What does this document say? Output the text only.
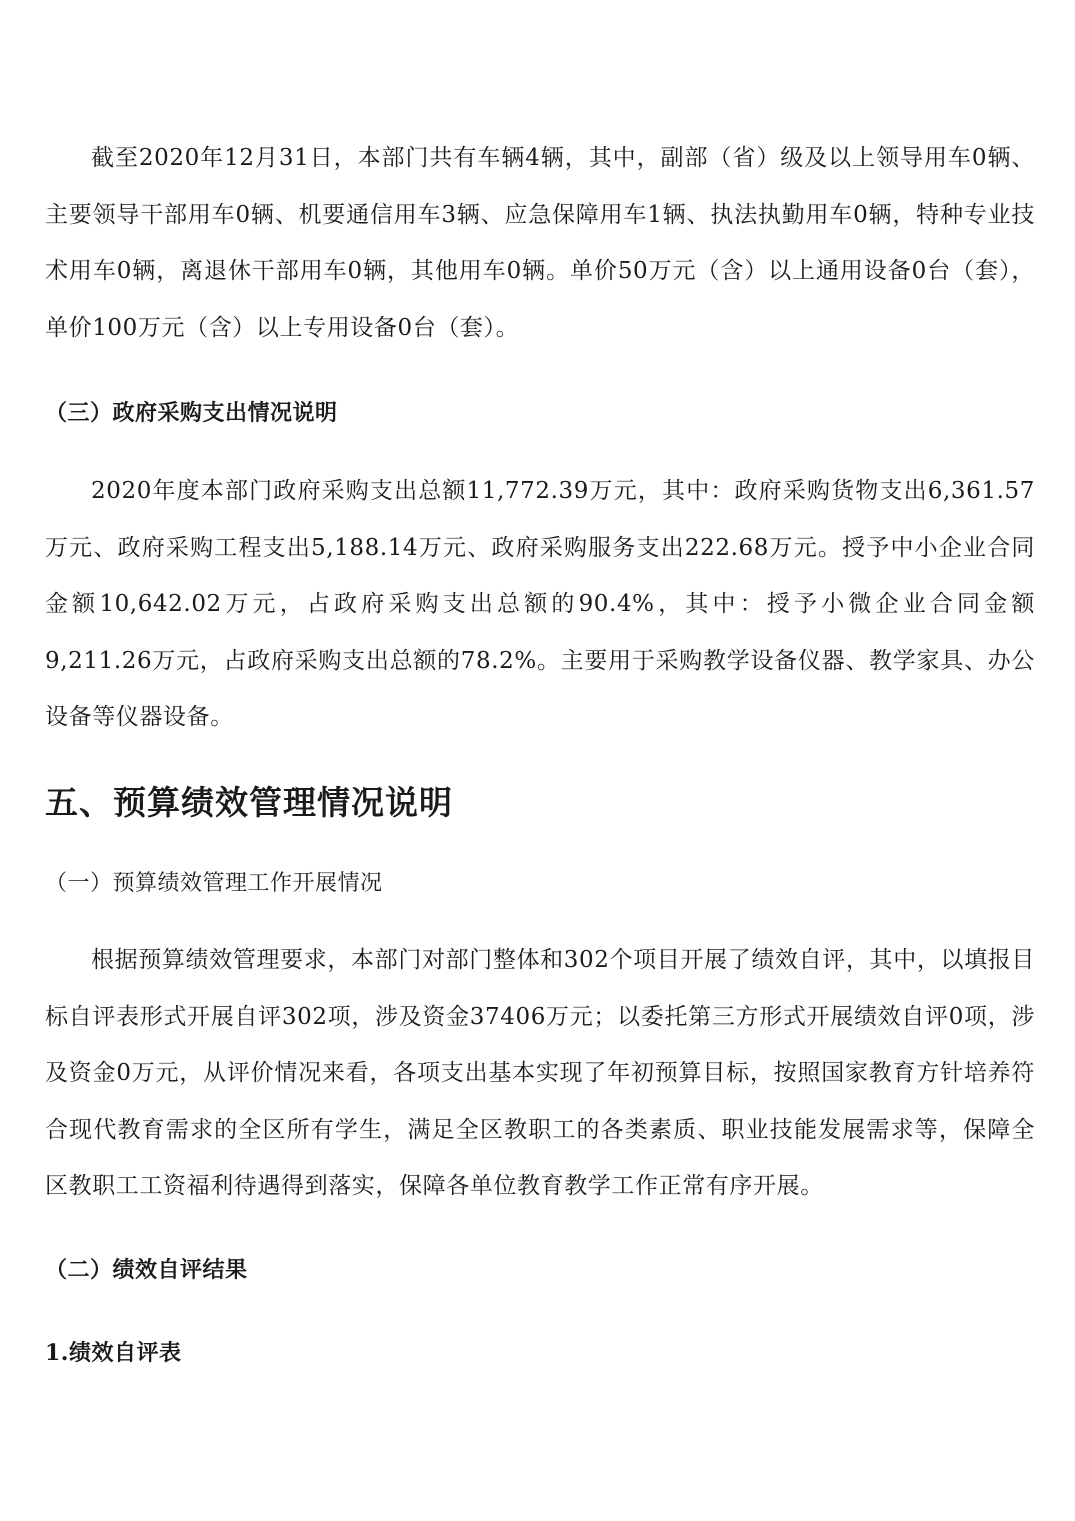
截至2020年12月31日，本部门共有车辆4辆，其中，副部（省）级及以上领导用车0辆、主要领导干部用车0辆、机要通信用车3辆、应急保障用车1辆、执法执勤用车0辆，特种专业技术用车0辆，离退休干部用车0辆，其他用车0辆。单价50万元（含）以上通用设备0台（套），单价100万元（含）以上专用设备0台（套）。

（三）政府采购支出情况说明

2020年度本部门政府采购支出总额11,772.39万元，其中：政府采购货物支出6,361.57万元、政府采购工程支出5,188.14万元、政府采购服务支出222.68万元。授予中小企业合同金额10,642.02万元，占政府采购支出总额的90.4%，其中：授予小微企业合同金额9,211.26万元，占政府采购支出总额的78.2%。主要用于采购教学设备仪器、教学家具、办公设备等仪器设备。

五、预算绩效管理情况说明
（一）预算绩效管理工作开展情况

根据预算绩效管理要求，本部门对部门整体和302个项目开展了绩效自评，其中，以填报目标自评表形式开展自评302项，涉及资金37406万元；以委托第三方形式开展绩效自评0项，涉及资金0万元，从评价情况来看，各项支出基本实现了年初预算目标，按照国家教育方针培养符合现代教育需求的全区所有学生，满足全区教职工的各类素质、职业技能发展需求等，保障全区教职工工资福利待遇得到落实，保障各单位教育教学工作正常有序开展。

（二）绩效自评结果
1.绩效自评表
